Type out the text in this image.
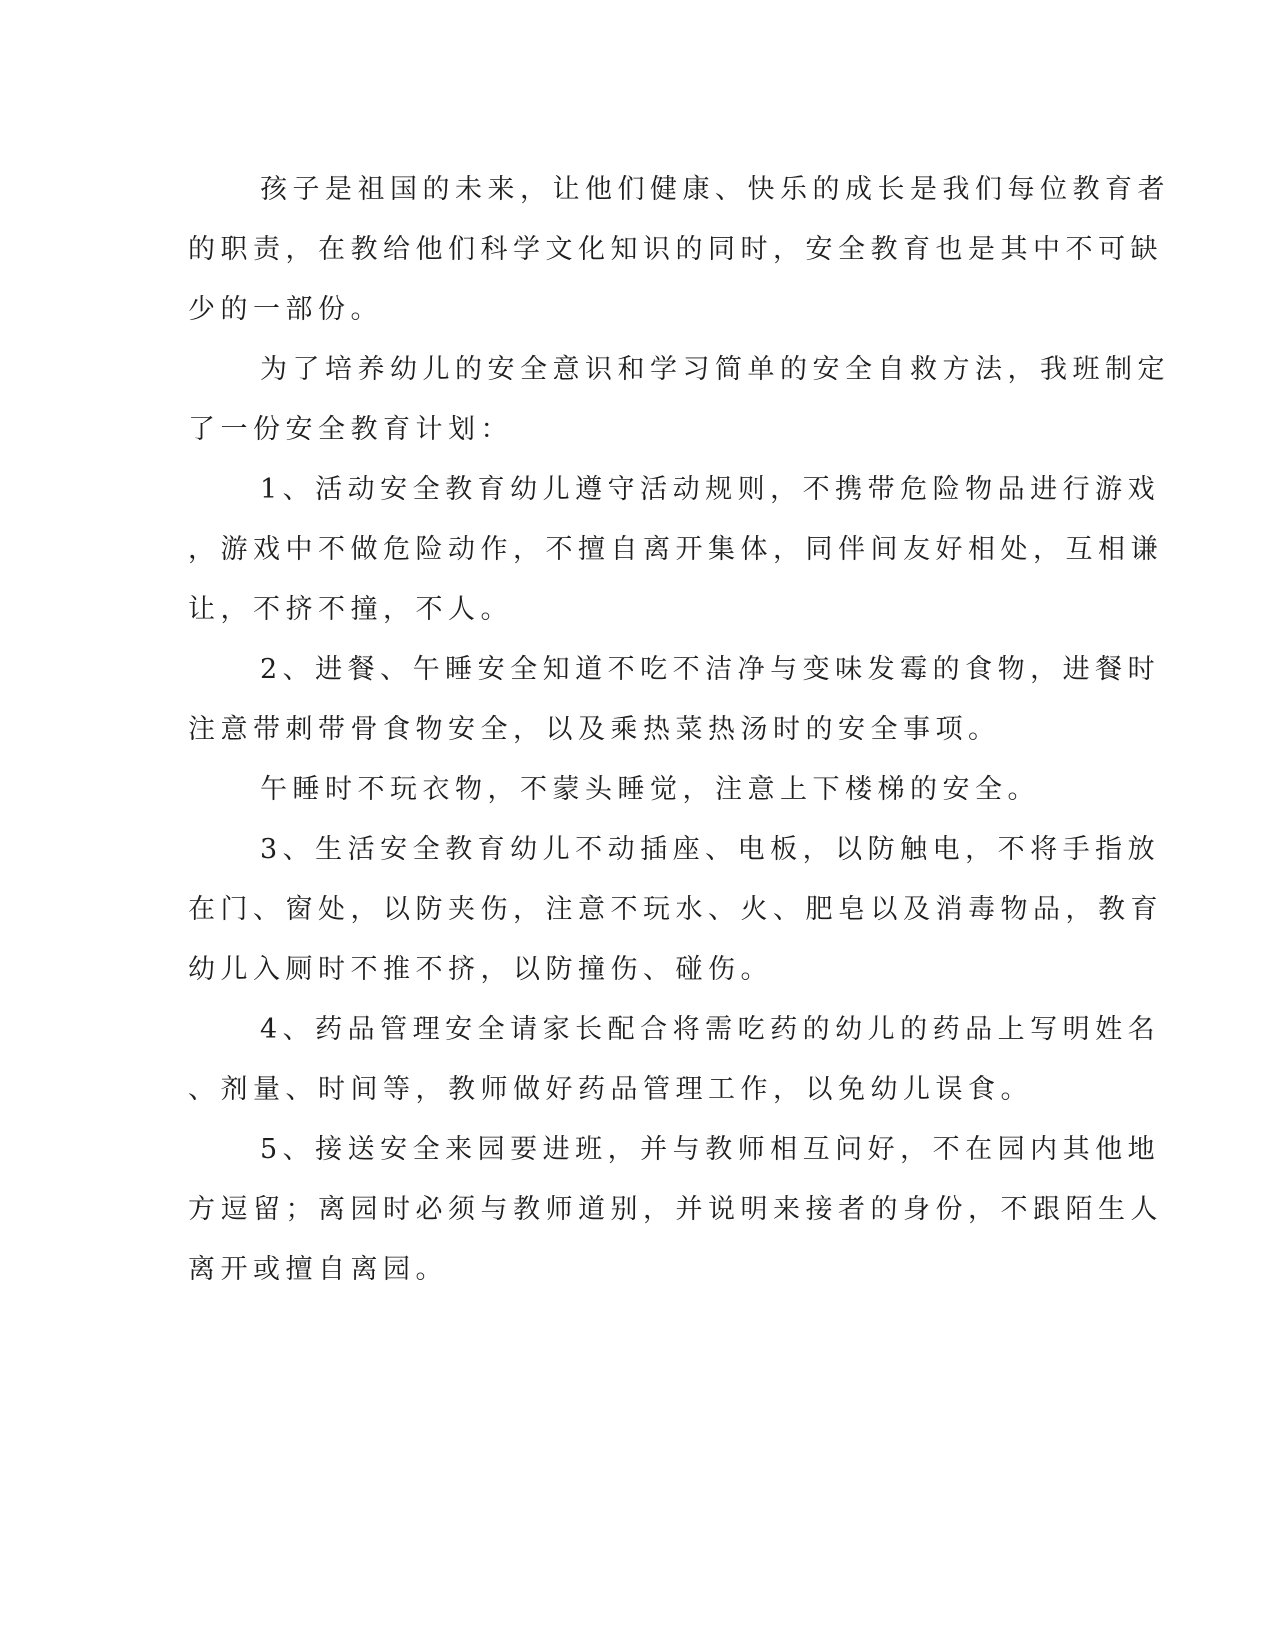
孩子是祖国的未来，让他们健康、快乐的成长是我们每位教育者
的职责，在教给他们科学文化知识的同时，安全教育也是其中不可缺
少的一部份。
为了培养幼儿的安全意识和学习简单的安全自救方法，我班制定
了一份安全教育计划：
1、活动安全教育幼儿遵守活动规则，不携带危险物品进行游戏
，游戏中不做危险动作，不擅自离开集体，同伴间友好相处，互相谦
让，不挤不撞，不人。
2、进餐、午睡安全知道不吃不洁净与变味发霉的食物，进餐时
注意带刺带骨食物安全，以及乘热菜热汤时的安全事项。
午睡时不玩衣物，不蒙头睡觉，注意上下楼梯的安全。
3、生活安全教育幼儿不动插座、电板，以防触电，不将手指放
在门、窗处，以防夹伤，注意不玩水、火、肥皂以及消毒物品，教育
幼儿入厕时不推不挤，以防撞伤、碰伤。
4、药品管理安全请家长配合将需吃药的幼儿的药品上写明姓名
、剂量、时间等，教师做好药品管理工作，以免幼儿误食。
5、接送安全来园要进班，并与教师相互问好，不在园内其他地
方逗留；离园时必须与教师道别，并说明来接者的身份，不跟陌生人
离开或擅自离园。
